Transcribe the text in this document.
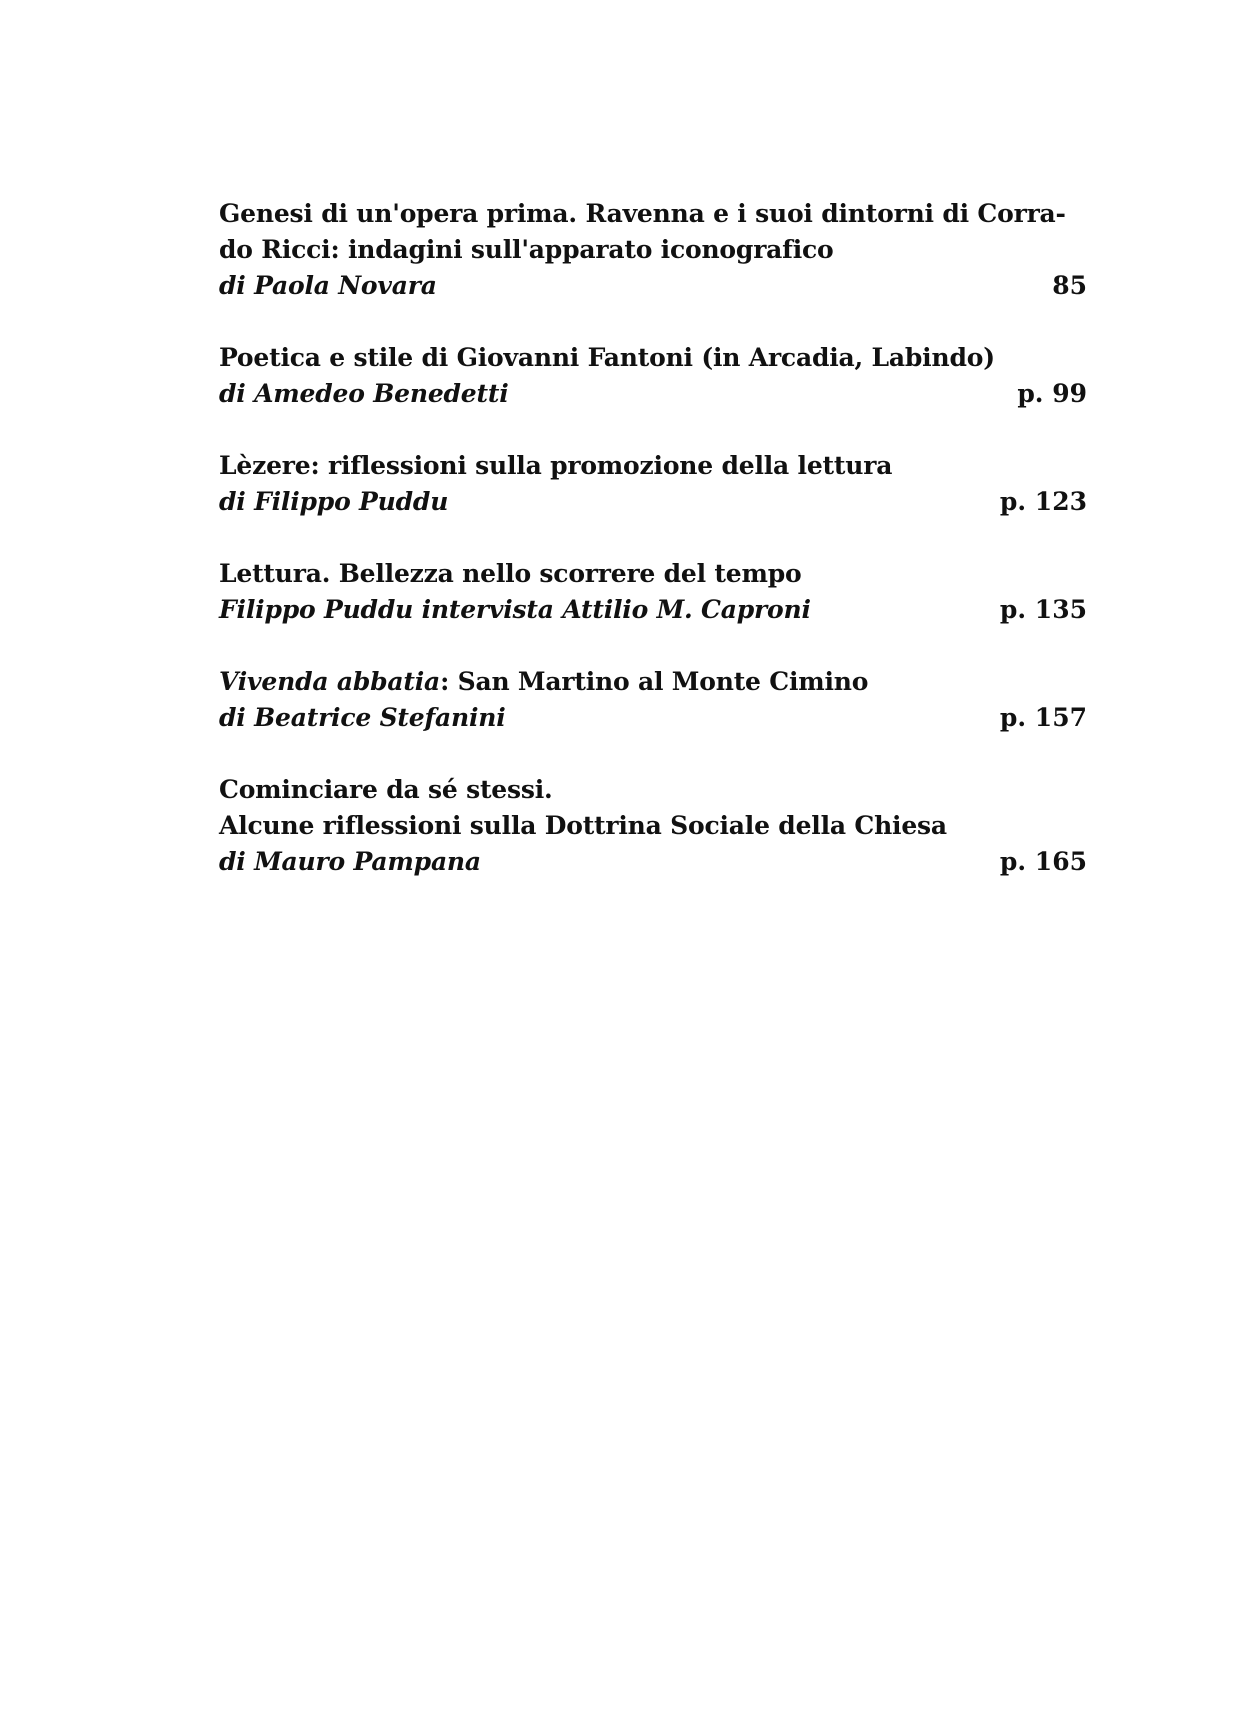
Genesi di un'opera prima. Ravenna e i suoi dintorni di Corra-
do Ricci: indagini sull'apparato iconografico
di Paola Novara	85
Poetica e stile di Giovanni Fantoni (in Arcadia, Labindo)
di Amedeo Benedetti	p. 99
Lèzere: riflessioni sulla promozione della lettura
di Filippo Puddu	p. 123
Lettura. Bellezza nello scorrere del tempo
Filippo Puddu intervista Attilio M. Caproni	p. 135
Vivenda abbatia: San Martino al Monte Cimino
di Beatrice Stefanini	p. 157
Cominciare da sé stessi.
Alcune riflessioni sulla Dottrina Sociale della Chiesa
di Mauro Pampana	p. 165
